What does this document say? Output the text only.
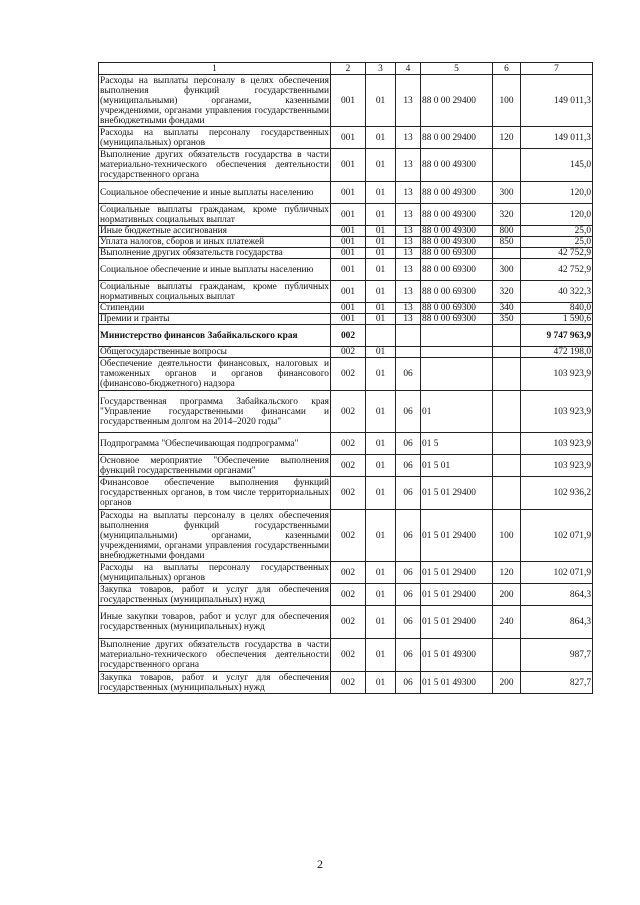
1	2	3	4	5	6	7
Расходы на выплаты персоналу в целях обеспечения выполнения функций государственными (муниципальными) органами, казенными учреждениями, органами управления государственными внебюджетными фондами	001	01	13	88 0 00 29400	100	149 011,3
Расходы на выплаты персоналу государственных (муниципальных) органов	001	01	13	88 0 00 29400	120	149 011,3
Выполнение других обязательств государства в части материально-технического обеспечения деятельности государственного органа	001	01	13	88 0 00 49300		145,0
Социальное обеспечение и иные выплаты населению	001	01	13	88 0 00 49300	300	120,0
Социальные выплаты гражданам, кроме публичных нормативных социальных выплат	001	01	13	88 0 00 49300	320	120,0
Иные бюджетные ассигнования	001	01	13	88 0 00 49300	800	25,0
Уплата налогов, сборов и иных платежей	001	01	13	88 0 00 49300	850	25,0
Выполнение других обязательств государства	001	01	13	88 0 00 69300		42 752,9
Социальное обеспечение и иные выплаты населению	001	01	13	88 0 00 69300	300	42 752,9
Социальные выплаты гражданам, кроме публичных нормативных социальных выплат	001	01	13	88 0 00 69300	320	40 322,3
Стипендии	001	01	13	88 0 00 69300	340	840,0
Премии и гранты	001	01	13	88 0 00 69300	350	1 590,6
Министерство финансов Забайкальского края	002					9 747 963,9
Общегосударственные вопросы	002	01				472 198,0
Обеспечение деятельности финансовых, налоговых и таможенных органов и органов финансового (финансово-бюджетного) надзора	002	01	06			103 923,9
Государственная программа Забайкальского края "Управление государственными финансами и государственным долгом на 2014–2020 годы"	002	01	06	01		103 923,9
Подпрограмма "Обеспечивающая подпрограмма"	002	01	06	01 5		103 923,9
Основное мероприятие "Обеспечение выполнения функций государственными органами"	002	01	06	01 5 01		103 923,9
Финансовое обеспечение выполнения функций государственных органов, в том числе территориальных органов	002	01	06	01 5 01 29400		102 936,2
Расходы на выплаты персоналу в целях обеспечения выполнения функций государственными (муниципальными) органами, казенными учреждениями, органами управления государственными внебюджетными фондами	002	01	06	01 5 01 29400	100	102 071,9
Расходы на выплаты персоналу государственных (муниципальных) органов	002	01	06	01 5 01 29400	120	102 071,9
Закупка товаров, работ и услуг для обеспечения государственных (муниципальных) нужд	002	01	06	01 5 01 29400	200	864,3
Иные закупки товаров, работ и услуг для обеспечения государственных (муниципальных) нужд	002	01	06	01 5 01 29400	240	864,3
Выполнение других обязательств государства в части материально-технического обеспечения деятельности государственного органа	002	01	06	01 5 01 49300		987,7
Закупка товаров, работ и услуг для обеспечения государственных (муниципальных) нужд	002	01	06	01 5 01 49300	200	827,7
2
